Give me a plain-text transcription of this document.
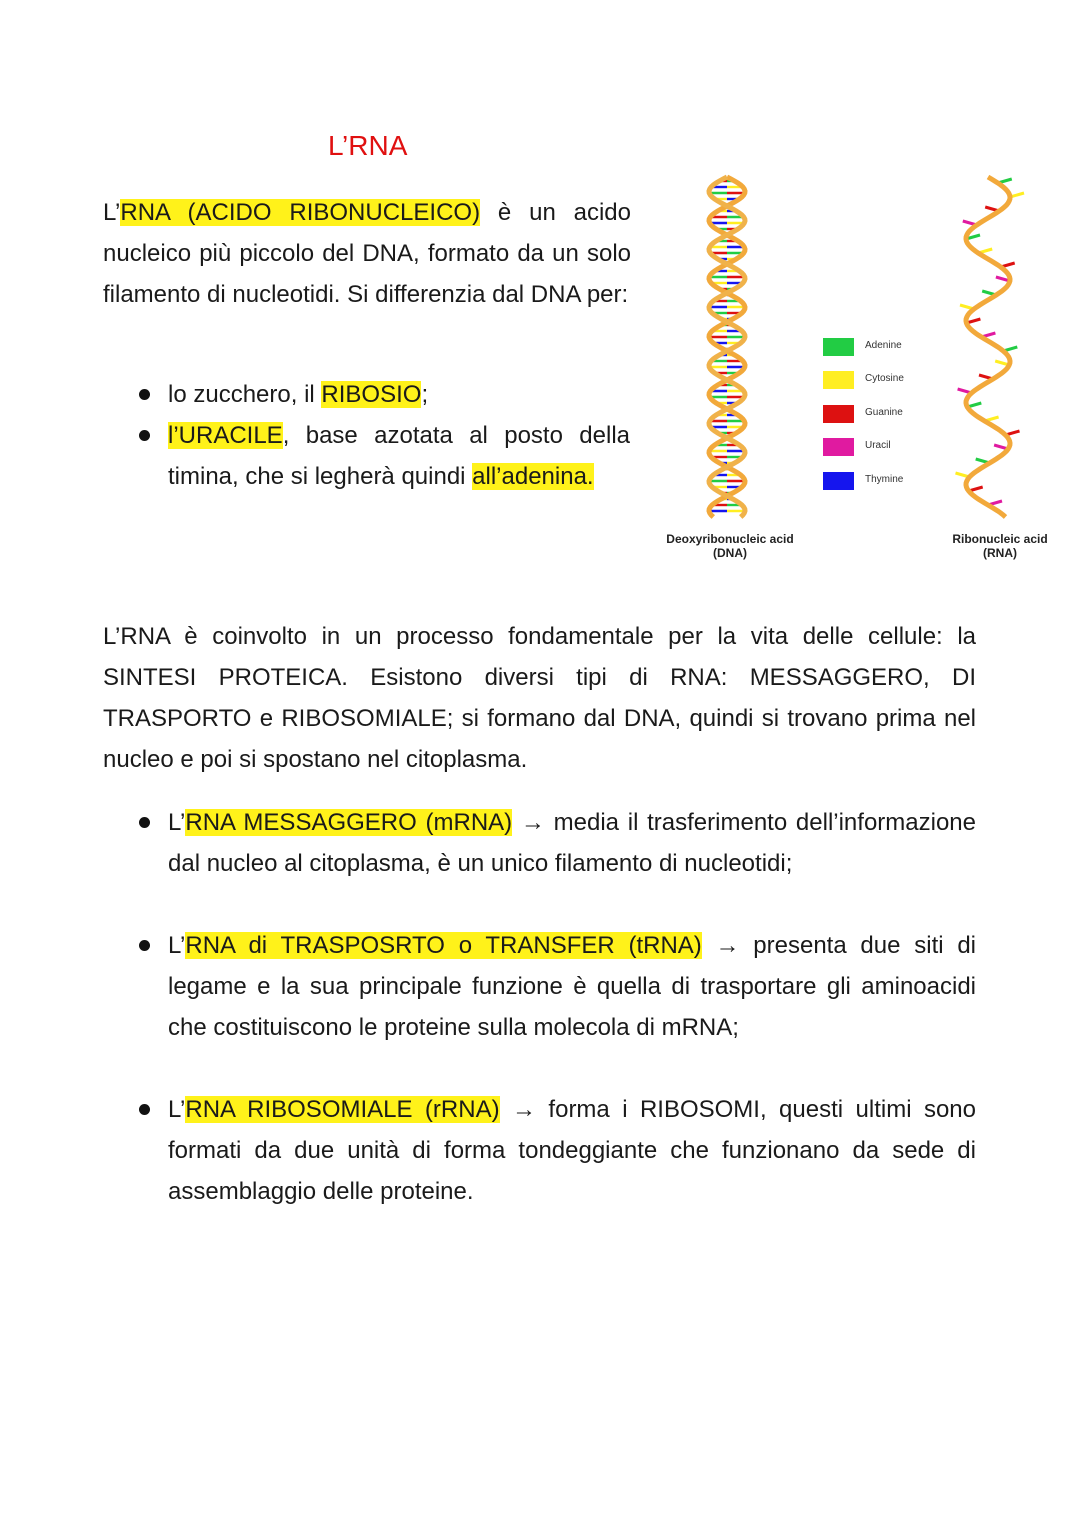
L’RNA

L’RNA (ACIDO RIBONUCLEICO) è un acido nucleico più piccolo del DNA, formato da un solo filamento di nucleotidi. Si differenzia dal DNA per:

lo zucchero, il RIBOSIO;
l’URACILE, base azotata al posto della timina, che si legherà quindi all’adenina.
Adenine
Cytosine
Guanine
Uracil
Thymine
Deoxyribonucleic acid
(DNA)
Ribonucleic acid
(RNA)

L’RNA è coinvolto in un processo fondamentale per la vita delle cellule: la SINTESI PROTEICA. Esistono diversi tipi di RNA: MESSAGGERO, DI TRASPORTO e RIBOSOMIALE; si formano dal DNA, quindi si trovano prima nel nucleo e poi si spostano nel citoplasma.

L’RNA MESSAGGERO (mRNA) → media il trasferimento dell’informazione dal nucleo al citoplasma, è un unico filamento di nucleotidi;
L’RNA di TRASPOSRTO o TRANSFER (tRNA) → presenta due siti di legame e la sua principale funzione è quella di trasportare gli aminoacidi che costituiscono le proteine sulla molecola di mRNA;
L’RNA RIBOSOMIALE (rRNA) → forma i RIBOSOMI, questi ultimi sono formati da due unità di forma tondeggiante che funzionano da sede di assemblaggio delle proteine.
